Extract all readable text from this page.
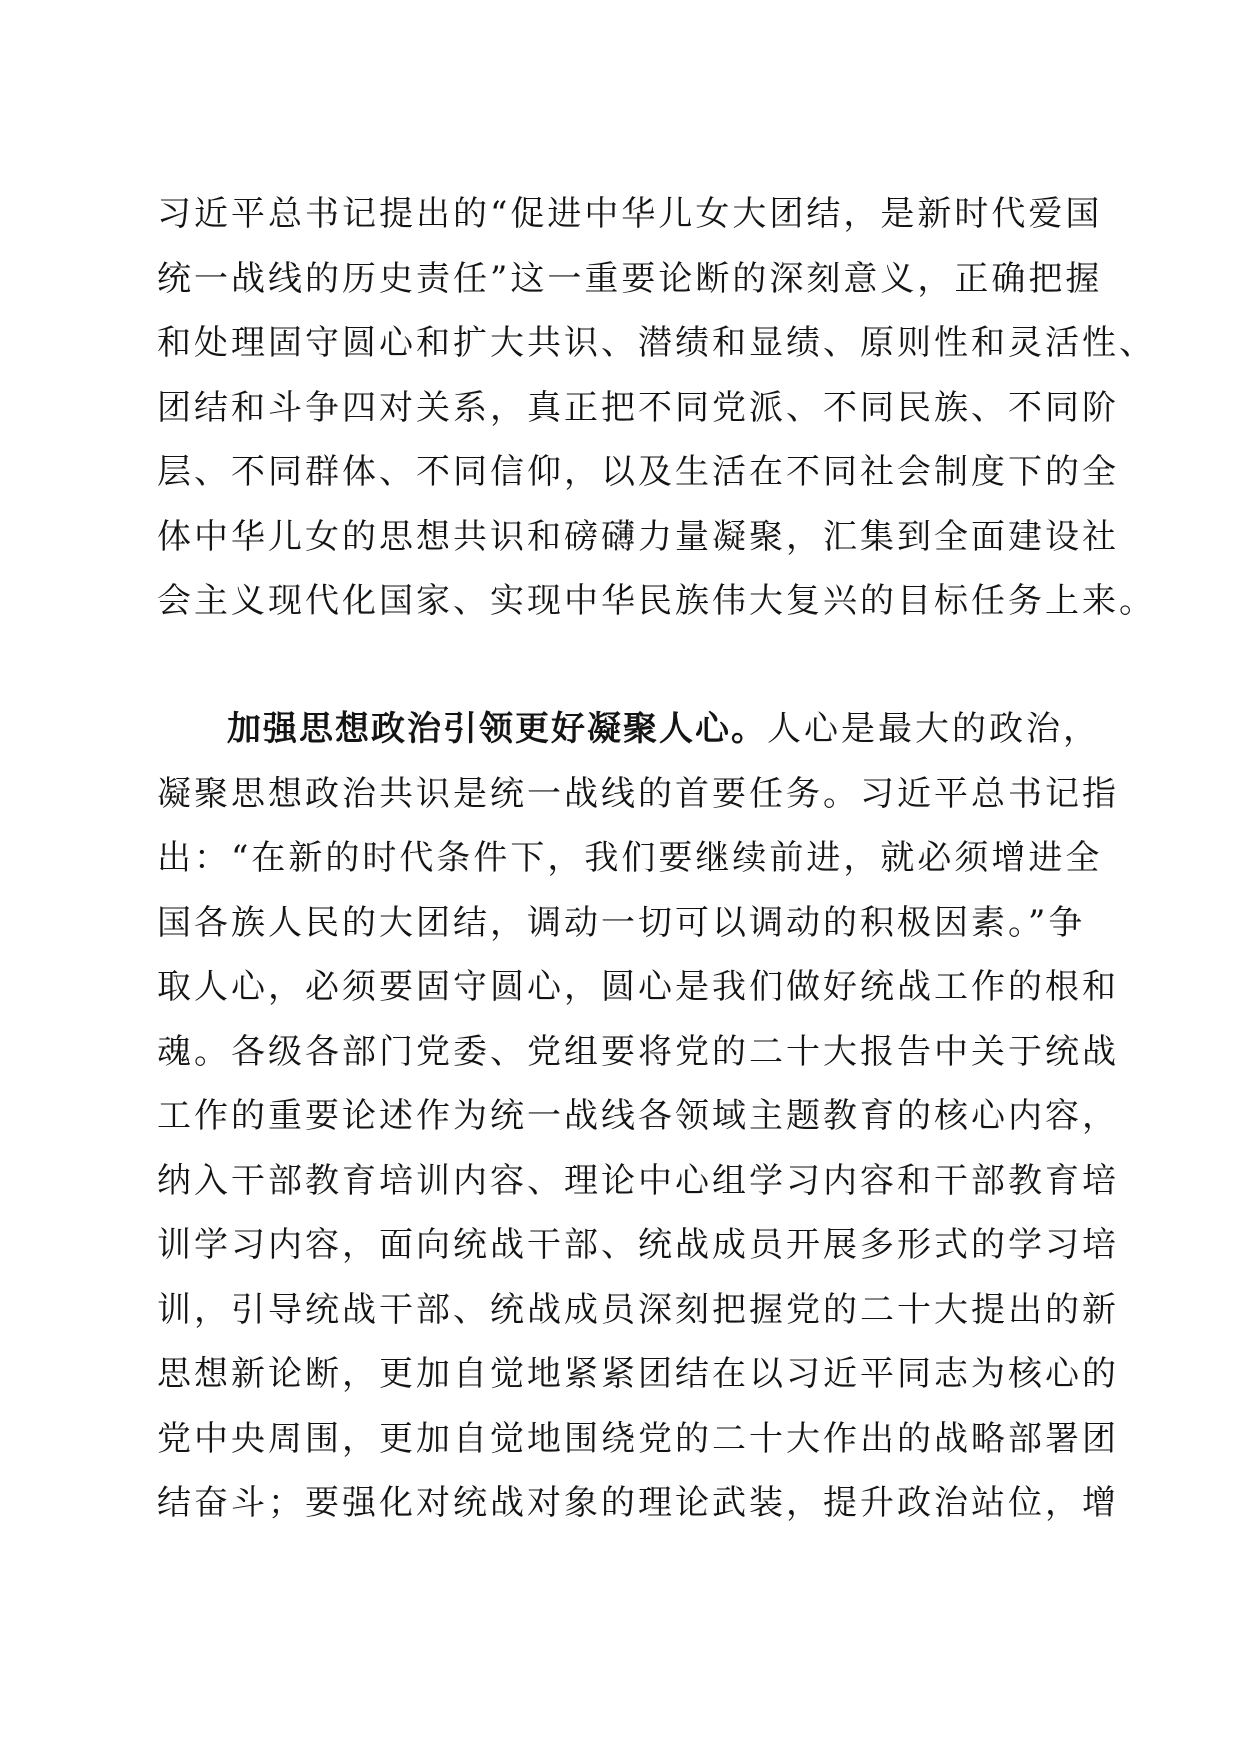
习近平总书记提出的“促进中华儿女大团结，是新时代爱国
统一战线的历史责任”这一重要论断的深刻意义，正确把握
和处理固守圆心和扩大共识、潜绩和显绩、原则性和灵活性、
团结和斗争四对关系，真正把不同党派、不同民族、不同阶
层、不同群体、不同信仰，以及生活在不同社会制度下的全
体中华儿女的思想共识和磅礴力量凝聚，汇集到全面建设社
会主义现代化国家、实现中华民族伟大复兴的目标任务上来。
加强思想政治引领更好凝聚人心。人心是最大的政治，
凝聚思想政治共识是统一战线的首要任务。习近平总书记指
出：“在新的时代条件下，我们要继续前进，就必须增进全
国各族人民的大团结，调动一切可以调动的积极因素。”争
取人心，必须要固守圆心，圆心是我们做好统战工作的根和
魂。各级各部门党委、党组要将党的二十大报告中关于统战
工作的重要论述作为统一战线各领域主题教育的核心内容，
纳入干部教育培训内容、理论中心组学习内容和干部教育培
训学习内容，面向统战干部、统战成员开展多形式的学习培
训，引导统战干部、统战成员深刻把握党的二十大提出的新
思想新论断，更加自觉地紧紧团结在以习近平同志为核心的
党中央周围，更加自觉地围绕党的二十大作出的战略部署团
结奋斗；要强化对统战对象的理论武装，提升政治站位，增
